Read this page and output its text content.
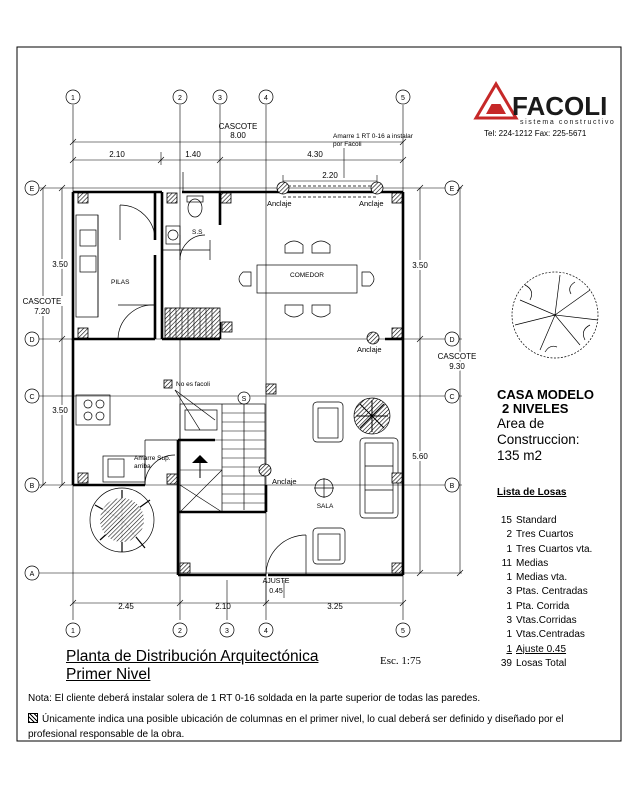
1	2	3	4	5
1	2	3	4	5
E
D
C
B
A
E
D
C
B
CASCOTE
8.00
2.10	1.40	4.30
2.20
Amarre 1 RT 0-16 a instalar por Facoli
2.45	2.10	3.25
AJUSTE
0.45
3.50
3.50
CASCOTE
7.20
3.50
5.60
CASCOTE
9.30
S
Anclaje	Anclaje
Anclaje
Anclaje
S.S
PILAS
COMEDOR
SALA
No es facoli
Amarre Sup. arriba
FACOLI
sistema constructivo
Tel: 224-1212 Fax: 225-5671

CASA MODELO

2 NIVELES

Area de
Construccion:

135 m2

Lista de Losas
15 Standard
2 Tres Cuartos
1 Tres Cuartos vta.
11 Medias
1 Medias vta.
3 Ptas. Centradas
1 Pta. Corrida
3 Vtas.Corridas
1 Vtas.Centradas
1 Ajuste 0.45
39 Losas Total
Planta de Distribución Arquitectónica
Primer Nivel
Esc. 1:75
Nota: El cliente deberá instalar solera de 1 RT 0-16 soldada en la parte superior de todas las paredes.
Únicamente indica una posible ubicación de columnas en el primer nivel, lo cual deberá ser definido y diseñado por el profesional responsable de la obra.
